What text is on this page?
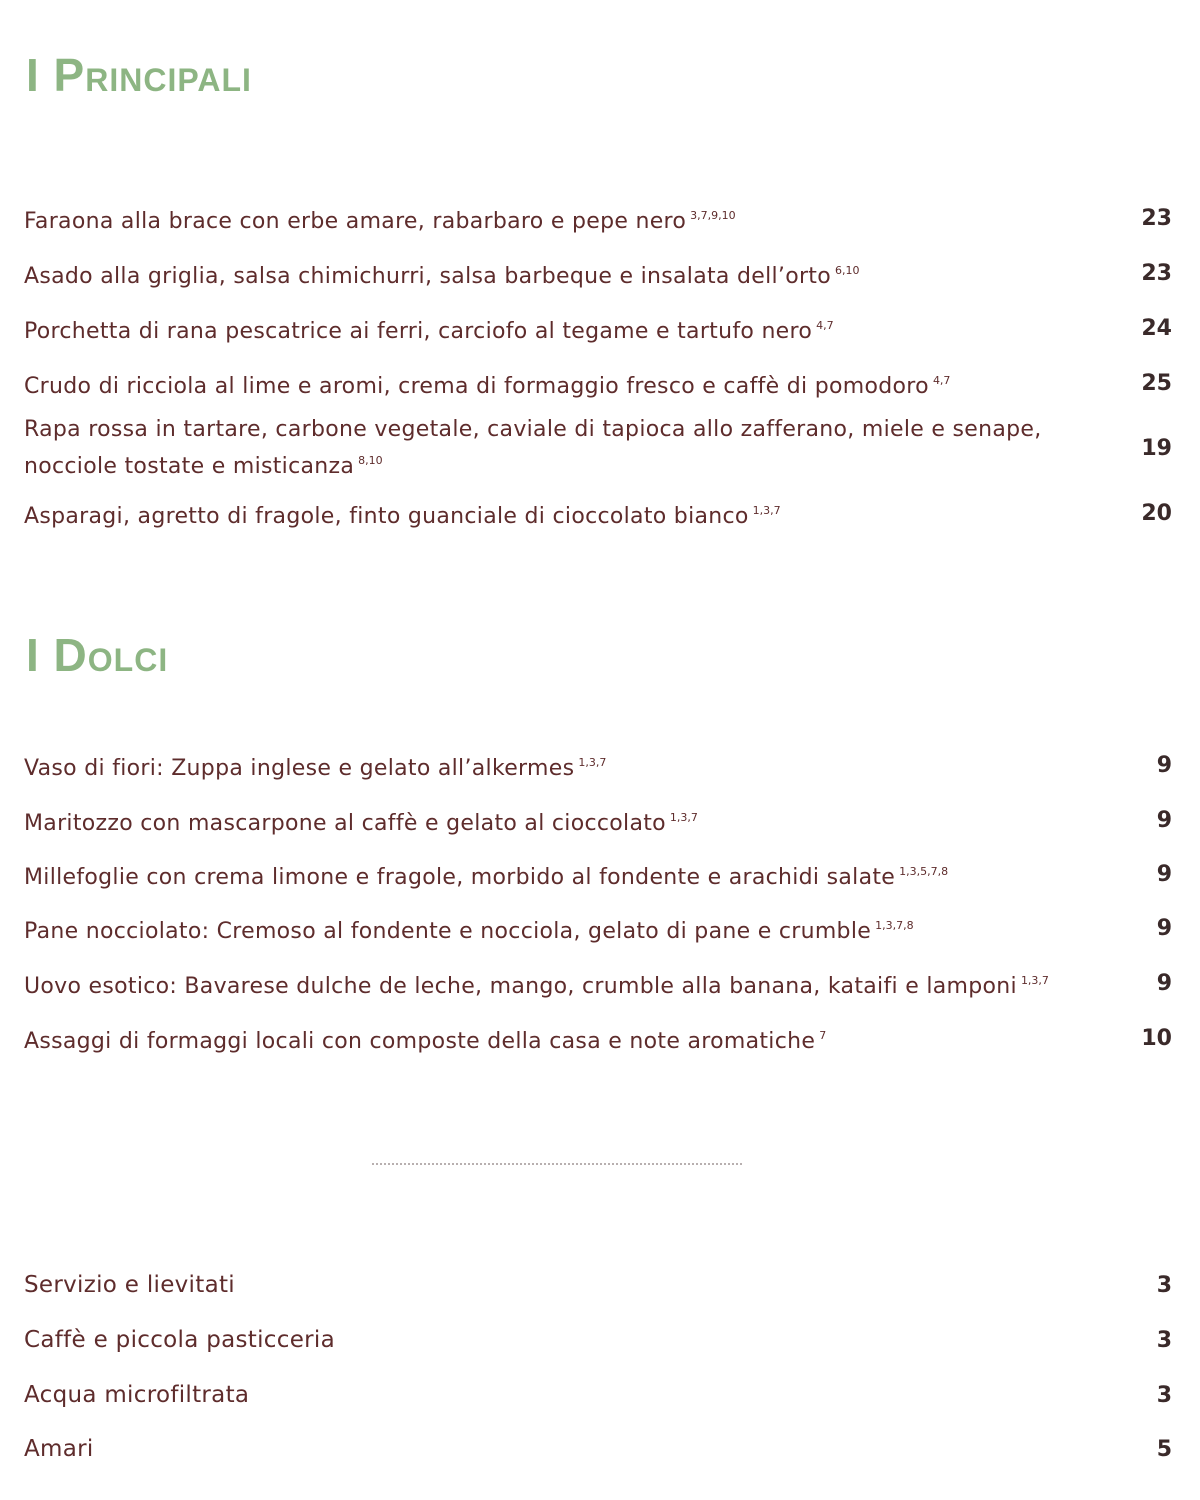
I PRINCIPALI
Faraona alla brace con erbe amare, rabarbaro e pepe nero $^{3,7,9,10}$	23
Asado alla griglia, salsa chimichurri, salsa barbeque e insalata dell’orto $^{6,10}$	23
Porchetta di rana pescatrice ai ferri, carciofo al tegame e tartufo nero $^{4,7}$	24
Crudo di ricciola al lime e aromi, crema di formaggio fresco e caffè di pomodoro $^{4,7}$	25
Rapa rossa in tartare, carbone vegetale, caviale di tapioca allo zafferano, miele e senape, nocciole tostate e misticanza $^{8,10}$	19
Asparagi, agretto di fragole, finto guanciale di cioccolato bianco $^{1,3,7}$	20
I DOLCI
Vaso di fiori: Zuppa inglese e gelato all’alkermes $^{1,3,7}$	9
Maritozzo con mascarpone al caffè e gelato al cioccolato $^{1,3,7}$	9
Millefoglie con crema limone e fragole, morbido al fondente e arachidi salate $^{1,3,5,7,8}$	9
Pane nocciolato: Cremoso al fondente e nocciola, gelato di pane e crumble $^{1,3,7,8}$	9
Uovo esotico: Bavarese dulche de leche, mango, crumble alla banana, kataifi e lamponi $^{1,3,7}$	9
Assaggi di formaggi locali con composte della casa e note aromatiche $^7$	10
Servizio e lievitati	3
Caffè e piccola pasticceria	3
Acqua microfiltrata	3
Amari	5
